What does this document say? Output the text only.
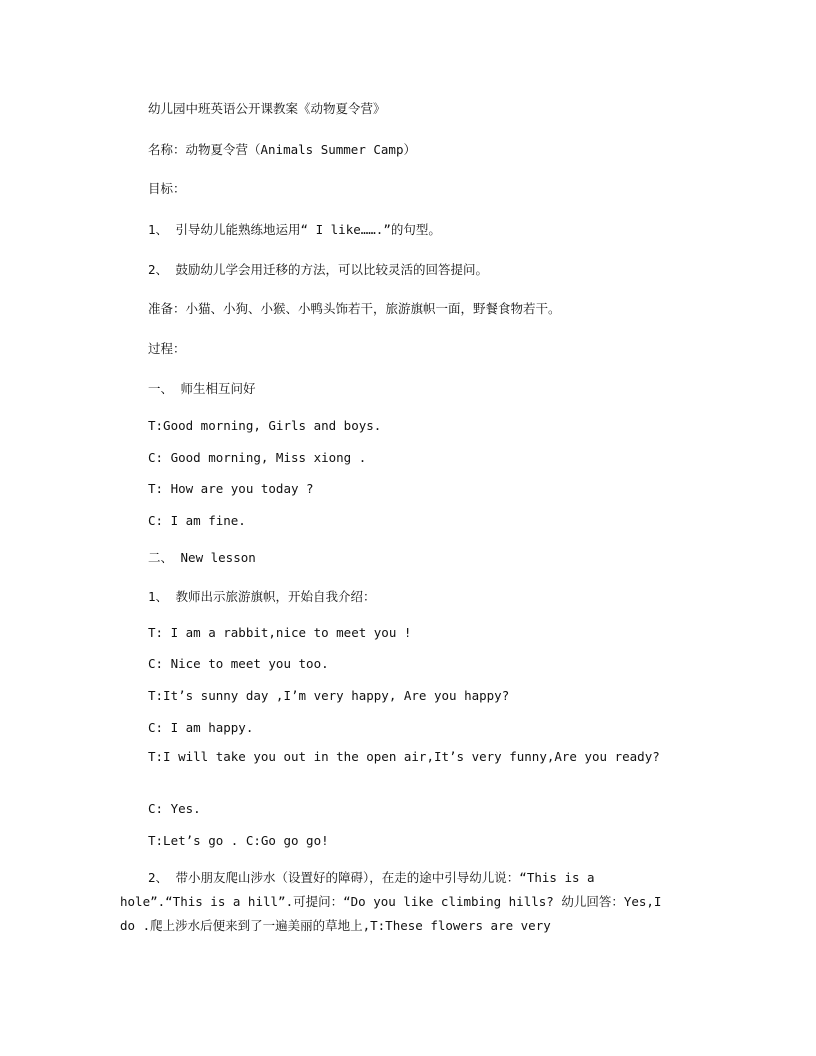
幼儿园中班英语公开课教案《动物夏令营》
名称：动物夏令营（Animals Summer Camp）
目标：
1、 引导幼儿能熟练地运用“ I like…….”的句型。
2、 鼓励幼儿学会用迁移的方法，可以比较灵活的回答提问。
准备：小猫、小狗、小猴、小鸭头饰若干，旅游旗帜一面，野餐食物若干。
过程：
一、 师生相互问好
T:Good morning, Girls and boys.
C: Good morning, Miss xiong .
T: How are you today ?
C: I am fine.
二、 New lesson
1、 教师出示旅游旗帜，开始自我介绍：
T: I am a rabbit,nice to meet you !
C: Nice to meet you too.
T:It’s sunny day ,I’m very happy, Are you happy?
C: I am happy.
T:I will take you out in the open air,It’s very funny,Are you ready?
C: Yes.
T:Let’s go . C:Go go go!
2、 带小朋友爬山涉水（设置好的障碍），在走的途中引导幼儿说：“This is a hole”.“This is a hill”.可提问：“Do you like climbing hills? 幼儿回答：Yes,I do .爬上涉水后便来到了一遍美丽的草地上,T:These flowers are very
